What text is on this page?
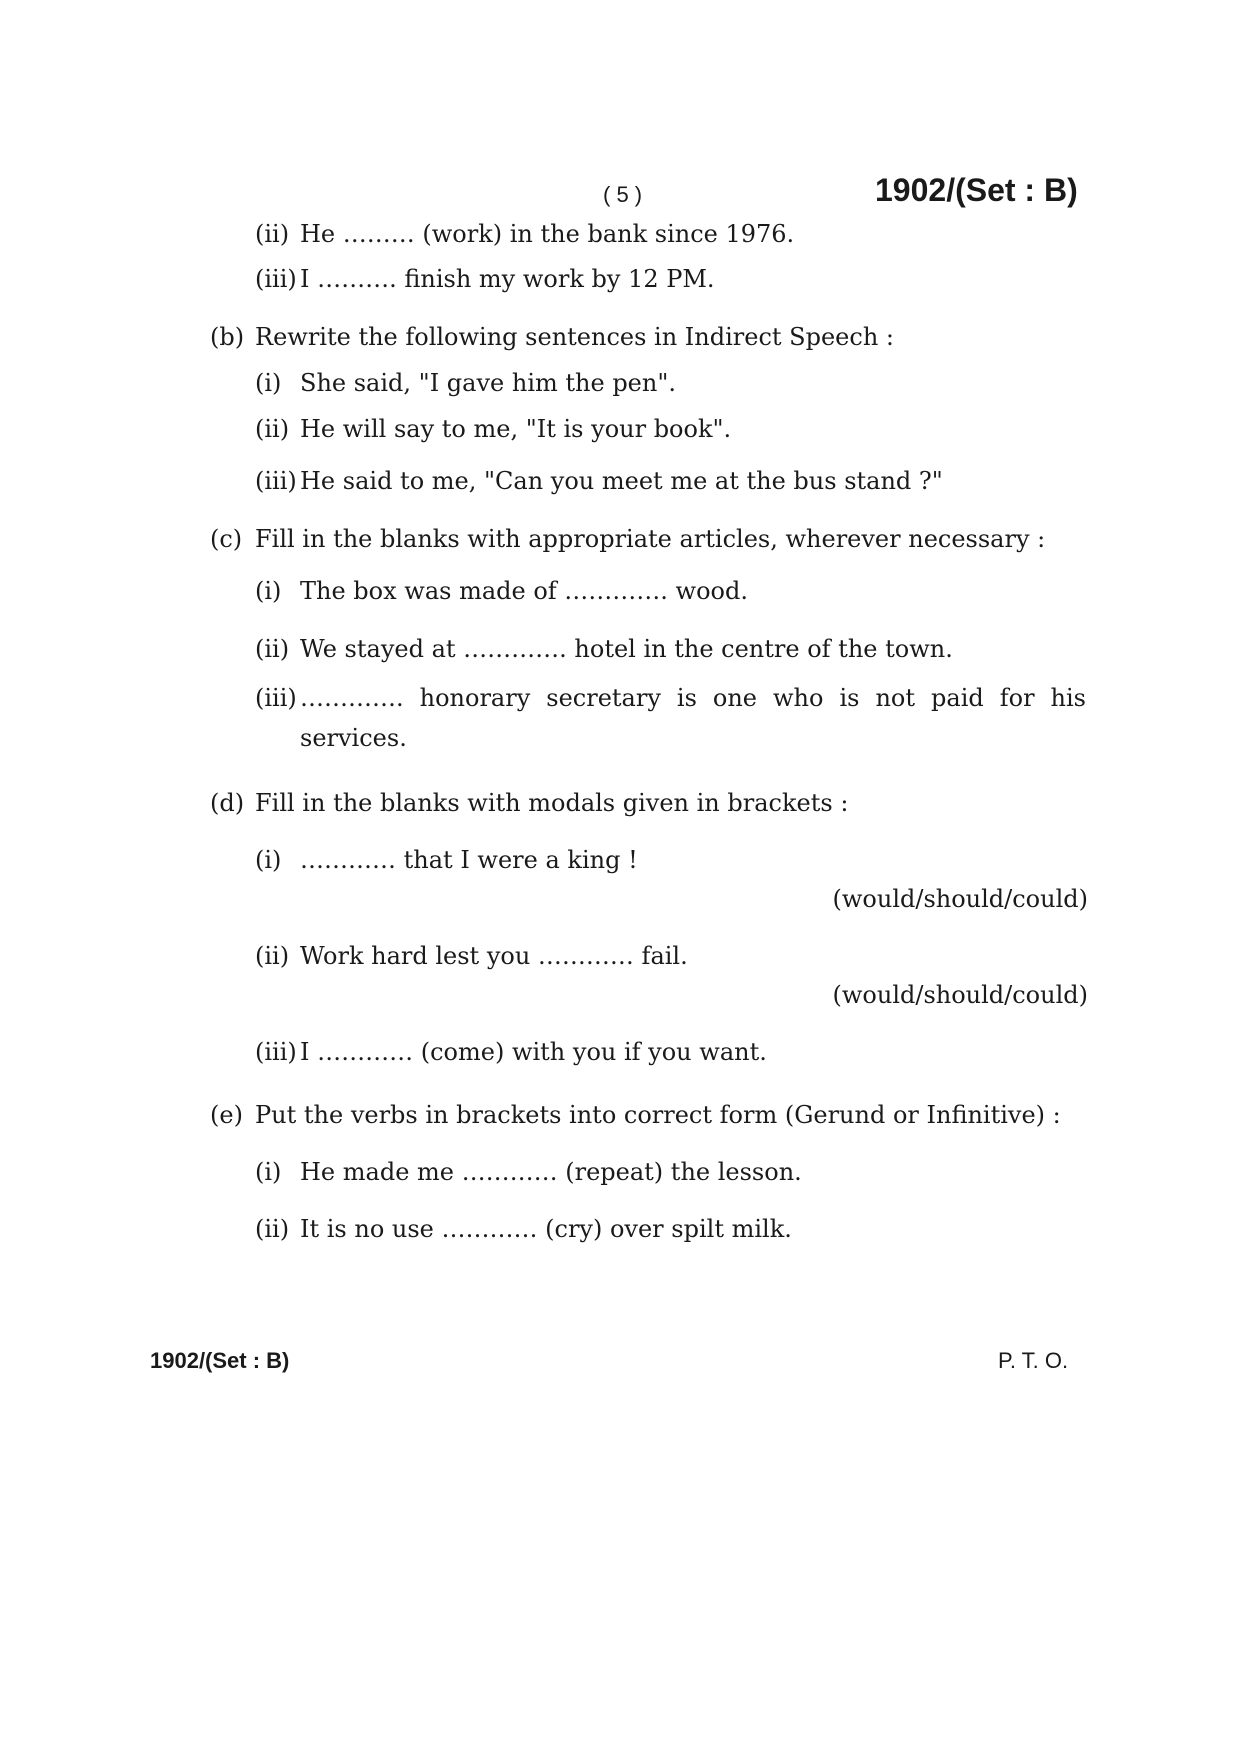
( 5 )	1902/(Set : B)
(ii) He ……… (work) in the bank since 1976.
(iii) I ………. finish my work by 12 PM.
(b) Rewrite the following sentences in Indirect Speech :
(i) She said, "I gave him the pen".
(ii) He will say to me, "It is your book".
(iii) He said to me, "Can you meet me at the bus stand ?"
(c) Fill in the blanks with appropriate articles, wherever necessary :
(i) The box was made of …………. wood.
(ii) We stayed at …………. hotel in the centre of the town.
(iii) …………. honorary secretary is one who is not paid for his
services.
(d) Fill in the blanks with modals given in brackets :
(i) ………… that I were a king !
(would/should/could)
(ii) Work hard lest you ………… fail.
(would/should/could)
(iii) I ………… (come) with you if you want.
(e) Put the verbs in brackets into correct form (Gerund or Infinitive) :
(i) He made me ………… (repeat) the lesson.
(ii) It is no use ………… (cry) over spilt milk.
1902/(Set : B)	P. T. O.
